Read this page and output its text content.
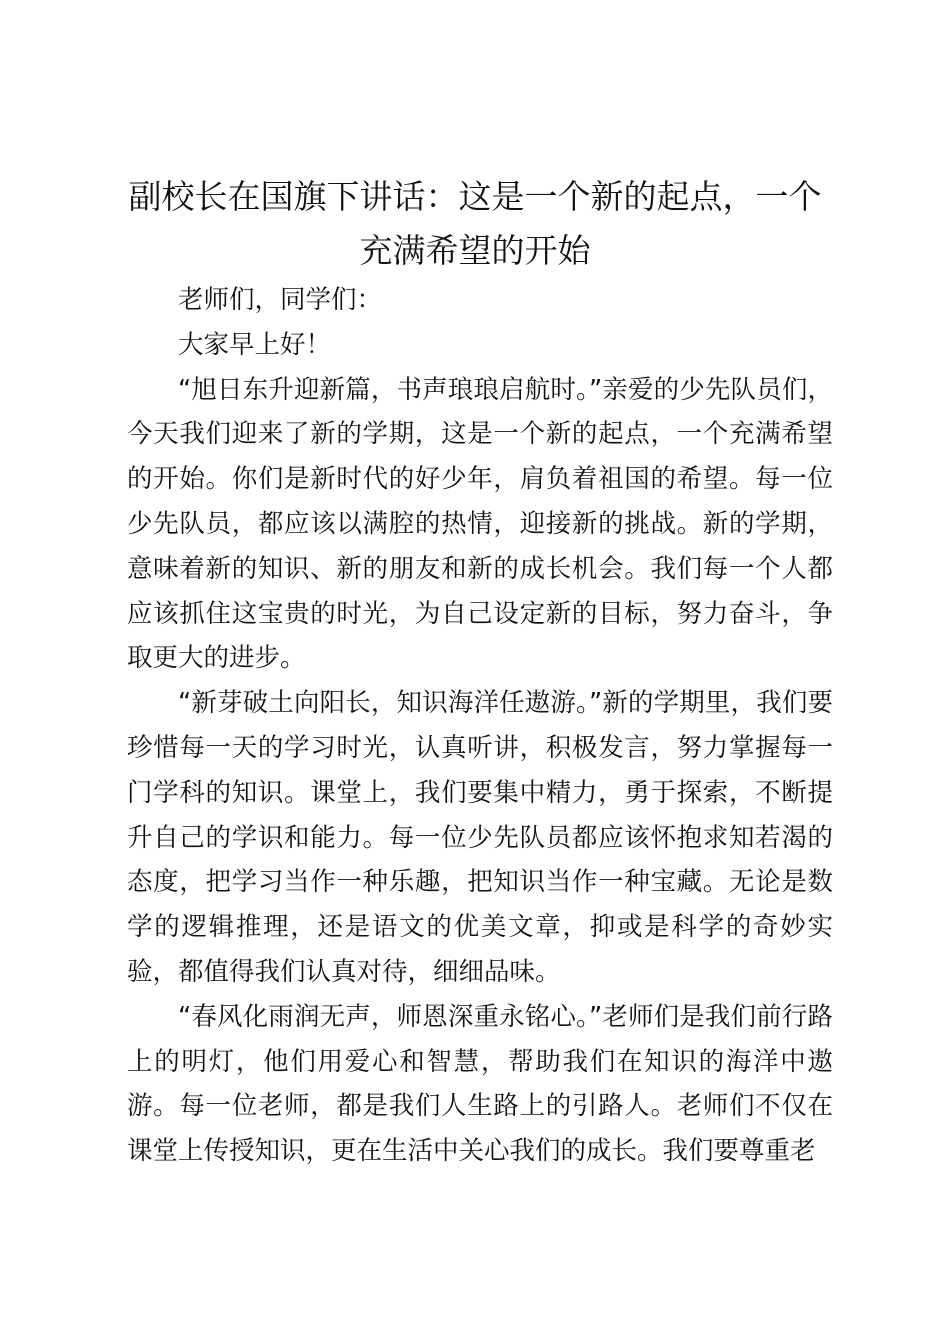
副校长在国旗下讲话：这是一个新的起点，一个充满希望的开始

老师们，同学们：

大家早上好！

“旭日东升迎新篇，书声琅琅启航时。”亲爱的少先队员们，今天我们迎来了新的学期，这是一个新的起点，一个充满希望的开始。你们是新时代的好少年，肩负着祖国的希望。每一位少先队员，都应该以满腔的热情，迎接新的挑战。新的学期，意味着新的知识、新的朋友和新的成长机会。我们每一个人都应该抓住这宝贵的时光，为自己设定新的目标，努力奋斗，争取更大的进步。

“新芽破土向阳长，知识海洋任遨游。”新的学期里，我们要珍惜每一天的学习时光，认真听讲，积极发言，努力掌握每一门学科的知识。课堂上，我们要集中精力，勇于探索，不断提升自己的学识和能力。每一位少先队员都应该怀抱求知若渴的态度，把学习当作一种乐趣，把知识当作一种宝藏。无论是数学的逻辑推理，还是语文的优美文章，抑或是科学的奇妙实验，都值得我们认真对待，细细品味。

“春风化雨润无声，师恩深重永铭心。”老师们是我们前行路上的明灯，他们用爱心和智慧，帮助我们在知识的海洋中遨游。每一位老师，都是我们人生路上的引路人。老师们不仅在课堂上传授知识，更在生活中关心我们的成长。我们要尊重老
